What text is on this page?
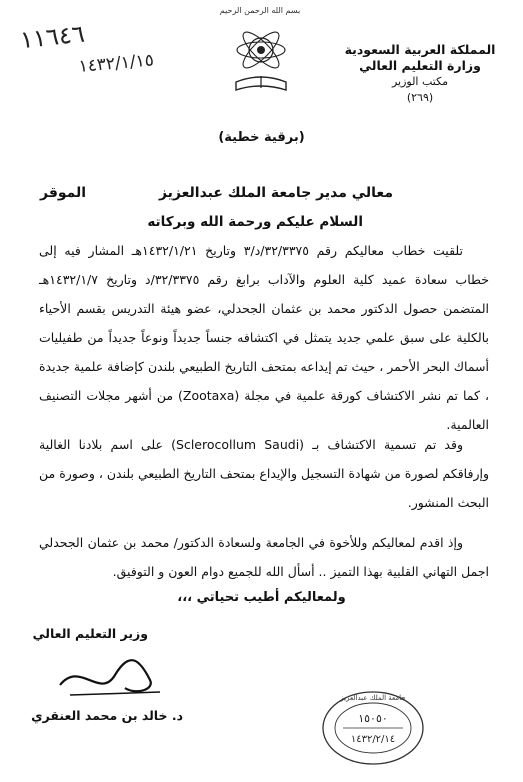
بسم الله الرحمن الرحيم
المملكة العربية السعودية
وزارة التعليم العالي
مكتب الوزير
(٢٦٩)
١١٦٤٦
١٤٣٢/١/١٥
(برقية خطية)
معالي مدير جامعة الملك عبدالعزيز
الموقر
السلام عليكم ورحمة الله وبركاته
تلقيت خطاب معاليكم رقم ٣٢/٣٣٧٥/د/٣ وتاريخ ١٤٣٢/١/٢١هـ المشار فيه إلى خطاب سعادة عميد كلية العلوم والآداب برابغ رقم ٣٢/٣٣٧٥/د وتاريخ ١٤٣٢/١/٧هـ المتضمن حصول الدكتور محمد بن عثمان الجحدلي، عضو هيئة التدريس بقسم الأحياء بالكلية على سبق علمي جديد يتمثل في اكتشافه جنساً جديداً ونوعاً جديداً من طفيليات أسماك البحر الأحمر ، حيث تم إيداعه بمتحف التاريخ الطبيعي بلندن كإضافة علمية جديدة ، كما تم نشر الاكتشاف كورقة علمية في مجلة (Zootaxa) من أشهر مجلات التصنيف العالمية.
وقد تم تسمية الاكتشاف بـ (Sclerocollum Saudi) على اسم بلادنا الغالية وإرفاقكم لصورة من شهادة التسجيل والإيداع بمتحف التاريخ الطبيعي بلندن ، وصورة من البحث المنشور.
وإذ اقدم لمعاليكم وللأخوة في الجامعة ولسعادة الدكتور/ محمد بن عثمان الجحدلي اجمل التهاني القلبية بهذا التميز .. أسأل الله للجميع دوام العون و التوفيق.
ولمعاليكم أطيب تحياتي ،،،
وزير التعليم العالي
د. خالد بن محمد العنقري
جامعة الملك عبدالعزيز
١٥٠٥٠
١٤٣٢/٢/١٤
